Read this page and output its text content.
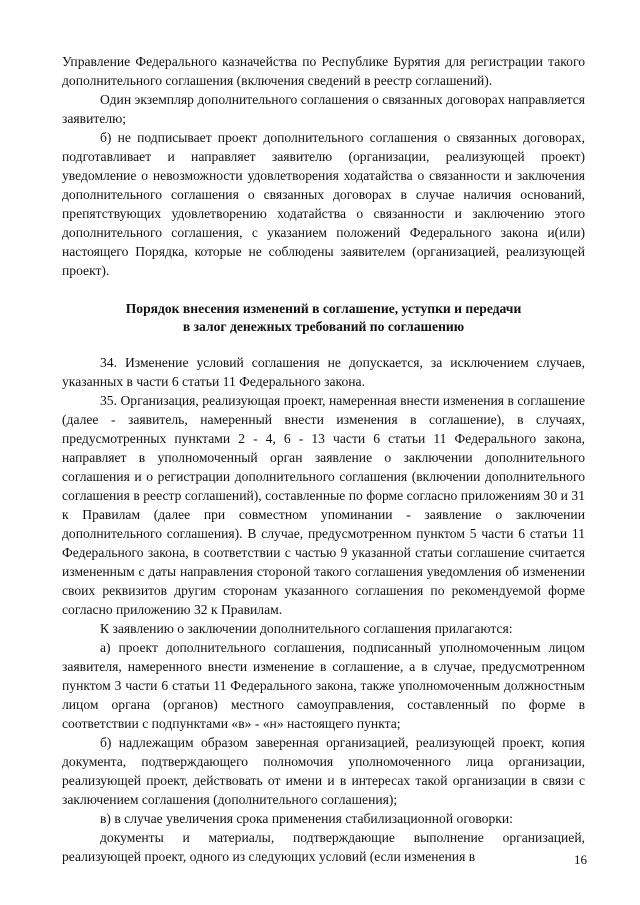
Управление Федерального казначейства по Республике Бурятия для регистрации такого дополнительного соглашения (включения сведений в реестр соглашений).

Один экземпляр дополнительного соглашения о связанных договорах направляется заявителю;

б) не подписывает проект дополнительного соглашения о связанных договорах, подготавливает и направляет заявителю (организации, реализующей проект) уведомление о невозможности удовлетворения ходатайства о связанности и заключения дополнительного соглашения о связанных договорах в случае наличия оснований, препятствующих удовлетворению ходатайства о связанности и заключению этого дополнительного соглашения, с указанием положений Федерального закона и(или) настоящего Порядка, которые не соблюдены заявителем (организацией, реализующей проект).

Порядок внесения изменений в соглашение, уступки и передачи
в залог денежных требований по соглашению

34. Изменение условий соглашения не допускается, за исключением случаев, указанных в части 6 статьи 11 Федерального закона.

35. Организация, реализующая проект, намеренная внести изменения в соглашение (далее - заявитель, намеренный внести изменения в соглашение), в случаях, предусмотренных пунктами 2 - 4, 6 - 13 части 6 статьи 11 Федерального закона, направляет в уполномоченный орган заявление о заключении дополнительного соглашения и о регистрации дополнительного соглашения (включении дополнительного соглашения в реестр соглашений), составленные по форме согласно приложениям 30 и 31 к Правилам (далее при совместном упоминании - заявление о заключении дополнительного соглашения). В случае, предусмотренном пунктом 5 части 6 статьи 11 Федерального закона, в соответствии с частью 9 указанной статьи соглашение считается измененным с даты направления стороной такого соглашения уведомления об изменении своих реквизитов другим сторонам указанного соглашения по рекомендуемой форме согласно приложению 32 к Правилам.

К заявлению о заключении дополнительного соглашения прилагаются:

а) проект дополнительного соглашения, подписанный уполномоченным лицом заявителя, намеренного внести изменение в соглашение, а в случае, предусмотренном пунктом 3 части 6 статьи 11 Федерального закона, также уполномоченным должностным лицом органа (органов) местного самоуправления, составленный по форме в соответствии с подпунктами «в» - «н» настоящего пункта;

б) надлежащим образом заверенная организацией, реализующей проект, копия документа, подтверждающего полномочия уполномоченного лица организации, реализующей проект, действовать от имени и в интересах такой организации в связи с заключением соглашения (дополнительного соглашения);

в) в случае увеличения срока применения стабилизационной оговорки:

документы и материалы, подтверждающие выполнение организацией, реализующей проект, одного из следующих условий (если изменения в	16
